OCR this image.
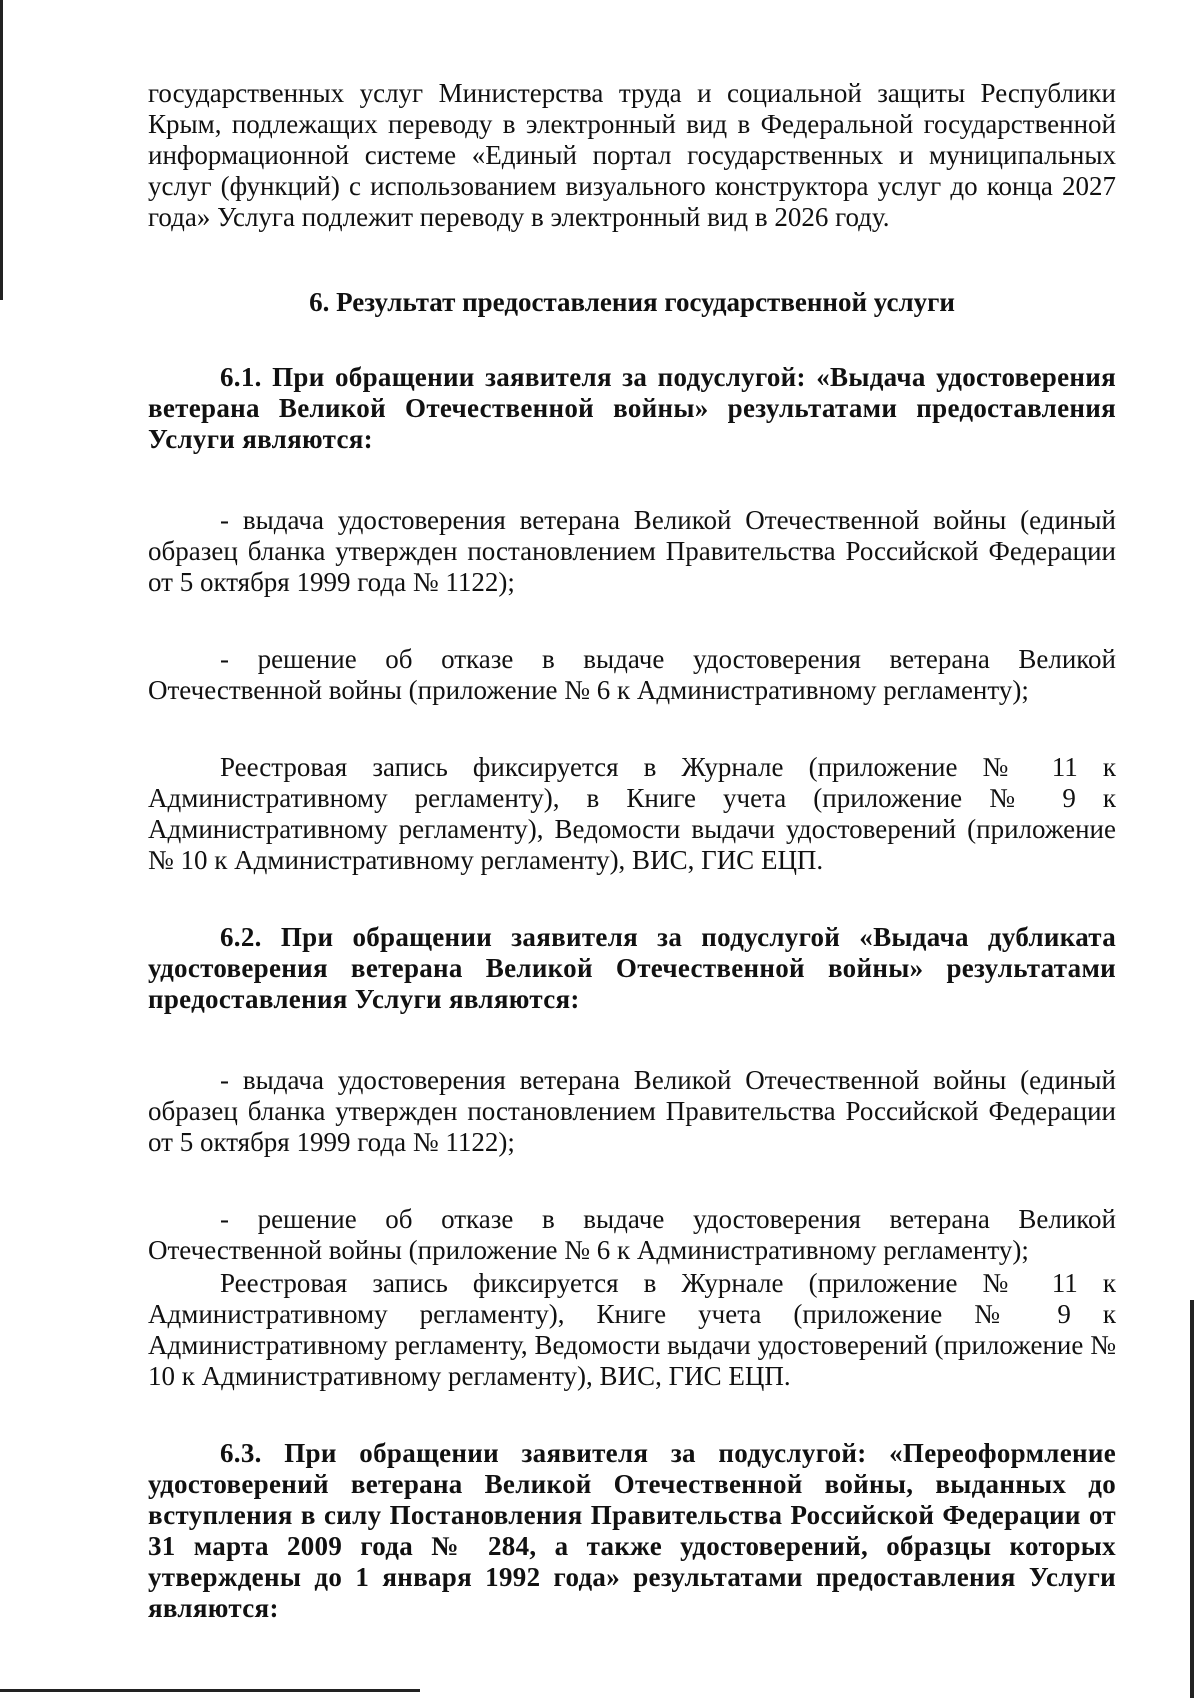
государственных услуг Министерства труда и социальной защиты Республики Крым, подлежащих переводу в электронный вид в Федеральной государственной информационной системе «Единый портал государственных и муниципальных услуг (функций) с использованием визуального конструктора услуг до конца 2027 года» Услуга подлежит переводу в электронный вид в 2026 году.

6. Результат предоставления государственной услуги

6.1. При обращении заявителя за подуслугой: «Выдача удостоверения ветерана Великой Отечественной войны» результатами предоставления Услуги являются:

- выдача удостоверения ветерана Великой Отечественной войны (единый образец бланка утвержден постановлением Правительства Российской Федерации от 5 октября 1999 года № 1122);

- решение об отказе в выдаче удостоверения ветерана Великой Отечественной войны (приложение № 6 к Административному регламенту);

Реестровая запись фиксируется в Журнале (приложение № 11 к Административному регламенту), в Книге учета (приложение № 9 к Административному регламенту), Ведомости выдачи удостоверений (приложение № 10 к Административному регламенту), ВИС, ГИС ЕЦП.

6.2. При обращении заявителя за подуслугой «Выдача дубликата удостоверения ветерана Великой Отечественной войны» результатами предоставления Услуги являются:

- выдача удостоверения ветерана Великой Отечественной войны (единый образец бланка утвержден постановлением Правительства Российской Федерации от 5 октября 1999 года № 1122);

- решение об отказе в выдаче удостоверения ветерана Великой Отечественной войны (приложение № 6 к Административному регламенту);

Реестровая запись фиксируется в Журнале (приложение № 11 к Административному регламенту), Книге учета (приложение № 9 к Административному регламенту, Ведомости выдачи удостоверений (приложение № 10 к Административному регламенту), ВИС, ГИС ЕЦП.

6.3. При обращении заявителя за подуслугой: «Переоформление удостоверений ветерана Великой Отечественной войны, выданных до вступления в силу Постановления Правительства Российской Федерации от 31 марта 2009 года № 284, а также удостоверений, образцы которых утверждены до 1 января 1992 года» результатами предоставления Услуги являются:
